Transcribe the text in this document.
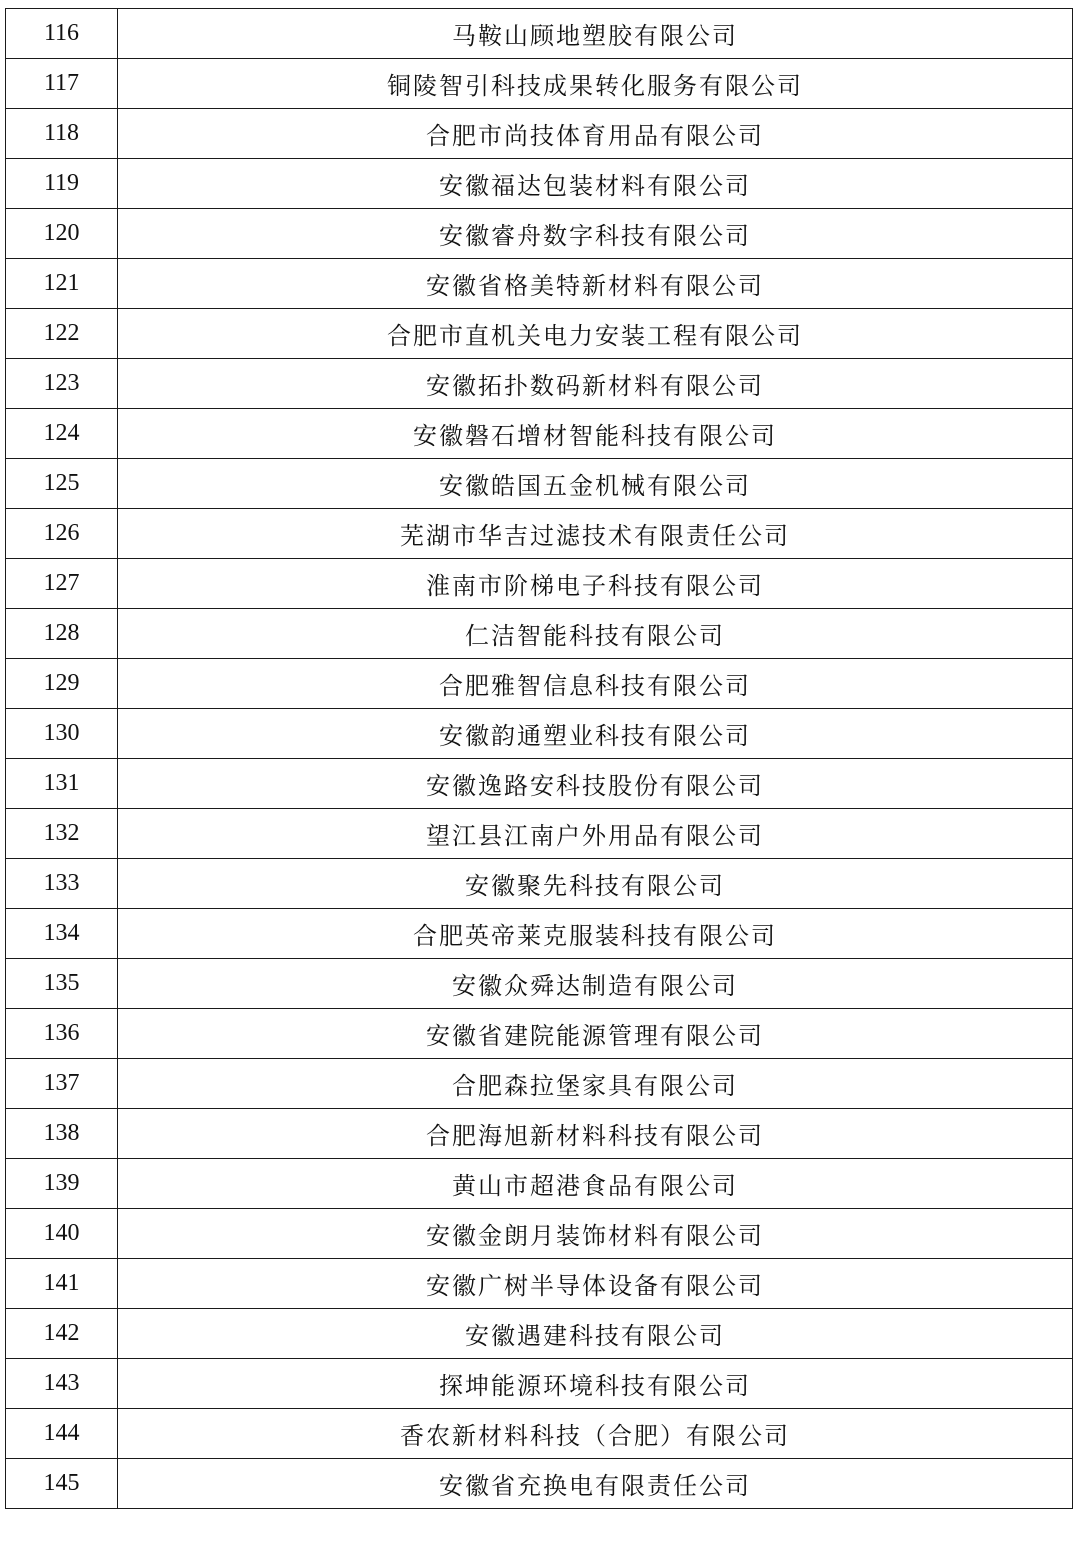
116	马鞍山顾地塑胶有限公司
117	铜陵智引科技成果转化服务有限公司
118	合肥市尚技体育用品有限公司
119	安徽福达包装材料有限公司
120	安徽睿舟数字科技有限公司
121	安徽省格美特新材料有限公司
122	合肥市直机关电力安装工程有限公司
123	安徽拓扑数码新材料有限公司
124	安徽磐石增材智能科技有限公司
125	安徽皓国五金机械有限公司
126	芜湖市华吉过滤技术有限责任公司
127	淮南市阶梯电子科技有限公司
128	仁洁智能科技有限公司
129	合肥雅智信息科技有限公司
130	安徽韵通塑业科技有限公司
131	安徽逸路安科技股份有限公司
132	望江县江南户外用品有限公司
133	安徽聚先科技有限公司
134	合肥英帝莱克服装科技有限公司
135	安徽众舜达制造有限公司
136	安徽省建院能源管理有限公司
137	合肥森拉堡家具有限公司
138	合肥海旭新材料科技有限公司
139	黄山市超港食品有限公司
140	安徽金朗月装饰材料有限公司
141	安徽广树半导体设备有限公司
142	安徽遇建科技有限公司
143	探坤能源环境科技有限公司
144	香农新材料科技（合肥）有限公司
145	安徽省充换电有限责任公司
